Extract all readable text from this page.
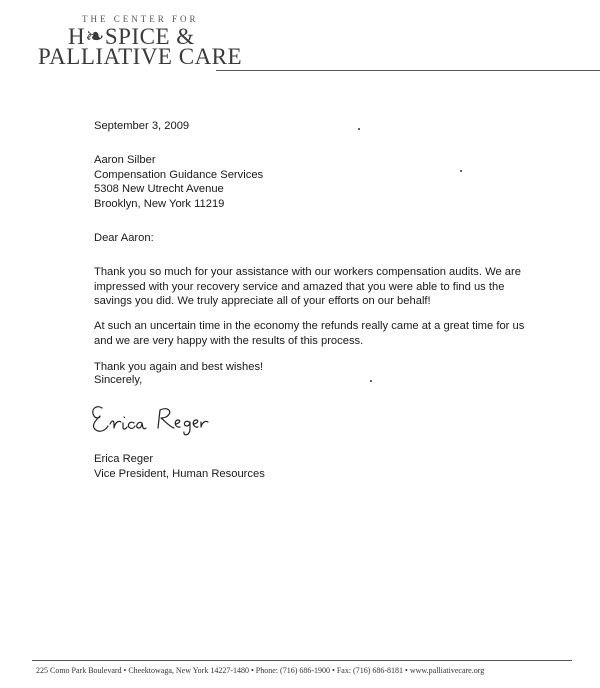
THE CENTER FOR
H❧SPICE &
PALLIATIVE CARE
September 3, 2009
Aaron Silber
Compensation Guidance Services
5308 New Utrecht Avenue
Brooklyn, New York 11219
Dear Aaron:

Thank you so much for your assistance with our workers compensation audits. We are impressed with your recovery service and amazed that you were able to find us the savings you did. We truly appreciate all of your efforts on our behalf!

At such an uncertain time in the economy the refunds really came at a great time for us and we are very happy with the results of this process.

Thank you again and best wishes!

Sincerely,
Erica Reger
Vice President, Human Resources
225 Como Park Boulevard • Cheektowaga, New York 14227-1480 • Phone: (716) 686-1900 • Fax: (716) 686-8181 • www.palliativecare.org
